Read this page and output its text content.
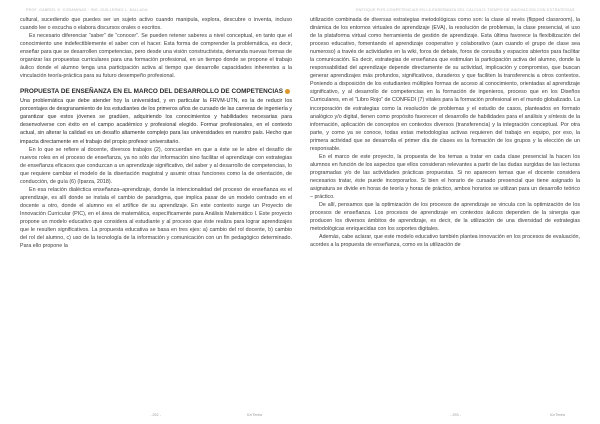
PROF. GABRIEL E. CORAMINAS · ING. GUILLERMO L. BALLADA

cultural, sucediendo que puedes ser un sujeto activo cuando manipula, explora, descubre o inventa, incluso cuando lee o escucha o elabora discursos orales o escritos.

Es necesario diferenciar “saber” de “conocer”. Se pueden retener saberes a nivel conceptual, en tanto que el conocimiento une indefectiblemente el saber con el hacer. Esta forma de comprender la problemática, es decir, enseñar para que se desarrollen competencias, pero desde una visión constructivista, demanda nuevas formas de organizar las propuestas curriculares para una formación profesional, en un tiempo donde se propone el trabajo áulico donde el alumno tenga una participación activa al tiempo que desarrolle capacidades inherentes a la vinculación teoría-práctica para su futuro desempeño profesional.

PROPUESTA DE ENSEÑANZA EN EL MARCO DEL DESARROLLO DE COMPETENCIASUna problemática que debe atender hoy la universidad, y en particular la FRVM-UTN, es la de reducir los porcentajes de desgranamiento de los estudiantes de los primeros años de cursado de las carreras de ingeniería y garantizar que estos jóvenes se gradúen, adquiriendo los conocimientos y habilidades necesarias para desenvolverse con éxito en el campo académico y profesional elegido. Formar profesionales, en el contexto actual, sin alterar la calidad es un desafío altamente complejo para las universidades en nuestro país. Hecho que impacta directamente en el trabajo del propio profesor universitario.

En lo que se refiere al docente, diversos trabajos (2), concuerdan en que a éste se le abre el desafío de nuevos roles en el proceso de enseñanza, ya no sólo dar información sino facilitar el aprendizaje con estrategias de enseñanza eficaces que conduzcan a un aprendizaje significativo, del saber y al desarrollo de competencias, lo que requiere cambiar el modelo de la disertación magistral y asumir otras funciones como la de orientación, de conducción, de guía (6) (Iparza, 2018).

En esa relación dialéctica enseñanza–aprendizaje, donde la intencionalidad del proceso de enseñanza es el aprendizaje, es allí donde se instala el cambio de paradigma, que implica pasar de un modelo centrado en el docente a otro, donde el alumno es el artífice de su aprendizaje. En este contexto surge un Proyecto de Innovación Curricular (PIC), en el área de matemática, específicamente para Análisis Matemático I. Este proyecto propone un modelo educativo que considera al estudiante y al proceso que éste realiza para lograr aprendizajes que le resulten significativos. La propuesta educativa se basa en tres ejes: a) cambio del rol docente, b) cambio del rol del alumno, c) uso de la tecnología de la información y comunicación con un fin pedagógico determinado. Para ello propone la

- 292 -	Ka'Tedra
ENFOQUE POR COMPETENCIAS EN LA ENSEÑANZA DEL CÁLCULO: TIEMPO DE INNOVACIÓN CON ESTRATEGIAS

utilización combinada de diversas estrategias metodológicas como son: la clase al revés (flipped classroom), la dinámica de los entornos virtuales de aprendizaje (EVA), la resolución de problemas, la clase presencial, el uso de la plataforma virtual como herramienta de gestión de aprendizaje. Esta última favorece la flexibilización del proceso educativo, fomentando el aprendizaje cooperativo y colaborativo (aun cuando el grupo de clase sea numeroso) a través de actividades en la wiki, foros de debate, foros de consulta y espacios abiertos para facilitar la comunicación. Es decir, estrategias de enseñanza que estimulan la participación activa del alumno, donde la responsabilidad del aprendizaje depende directamente de su actividad, implicación y compromiso, que buscan generar aprendizajes más profundos, significativos, duraderos y que faciliten la transferencia a otros contextos. Poniendo a disposición de los estudiantes múltiples formas de acceso al conocimiento, orientadas al aprendizaje significativo, y al desarrollo de competencias en la formación de ingenieros, proceso que en los Diseños Curriculares, en el “Libro Rojo” de CONFEDI (7) vitales para la formación profesional en el mundo globalizado. La incorporación de estrategias como la resolución de problemas y el estudio de casos, planteados en formato analógico y/o digital, tienen como propósito favorecer el desarrollo de habilidades para el análisis y síntesis de la información, aplicación de conceptos en contextos diversos (transferencia) y la integración conceptual. Por otra parte, y como ya se conoce, todas estas metodologías activas requieren del trabajo en equipo, por eso, la primera actividad que se desarrolla el primer día de clases es la formación de los grupos y la elección de un responsable.

En el marco de este proyecto, la propuesta de los temas a tratar en cada clase presencial la hacen los alumnos en función de los aspectos que ellos consideran relevantes a partir de las dudas surgidas de las lecturas programadas y/o de las actividades prácticas propuestas. Si no aparecen temas que el docente considera necesarios tratar, éste puede incorporarlos. Si bien el horario de cursado presencial que tiene asignado la asignatura se divide en horas de teoría y horas de práctico, ambos horarios se utilizan para un desarrollo teórico – práctico.

De allí, pensamos que la optimización de los procesos de aprendizaje se vincula con la optimización de los procesos de enseñanza. Los procesos de aprendizaje en contextos áulicos dependen de la sinergia que producen los diversos ámbitos de aprendizaje, es decir, de la utilización de una diversidad de estrategias metodológicas enriquecidas con los soportes digitales.

Además, cabe aclarar, que este modelo educativo también plantea innovación en los procesos de evaluación, acordes a la propuesta de enseñanza, como es la utilización de

- 293 -	Ka'Tedra
